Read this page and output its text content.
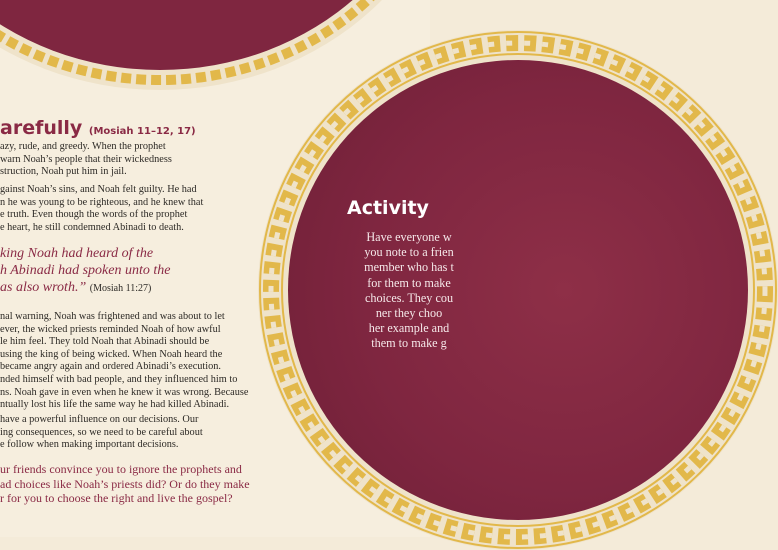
arefully (Mosiah 11–12, 17)

azy, rude, and greedy. When the prophet
warn Noah’s people that their wickedness
struction, Noah put him in jail.

gainst Noah’s sins, and Noah felt guilty. He had
n he was young to be righteous, and he knew that
e truth. Even though the words of the prophet
e heart, he still condemned Abinadi to death.

king Noah had heard of the
h Abinadi had spoken unto the
as also wroth.” (Mosiah 11:27)

nal warning, Noah was frightened and was about to let
ever, the wicked priests reminded Noah of how awful
le him feel. They told Noah that Abinadi should be
using the king of being wicked. When Noah heard the
became angry again and ordered Abinadi’s execution.
nded himself with bad people, and they influenced him to
ns. Noah gave in even when he knew it was wrong. Because
ntually lost his life the same way he had killed Abinadi.

have a powerful influence on our decisions. Our
ing consequences, so we need to be careful about
e follow when making important decisions.

ur friends convince you to ignore the prophets and
ad choices like Noah’s priests did? Or do they make
r for you to choose the right and live the gospel?

Activity

Have everyone w
you note to a frien
member who has t
for them to make
choices. They cou
ner they choo
her example and
them to make g
